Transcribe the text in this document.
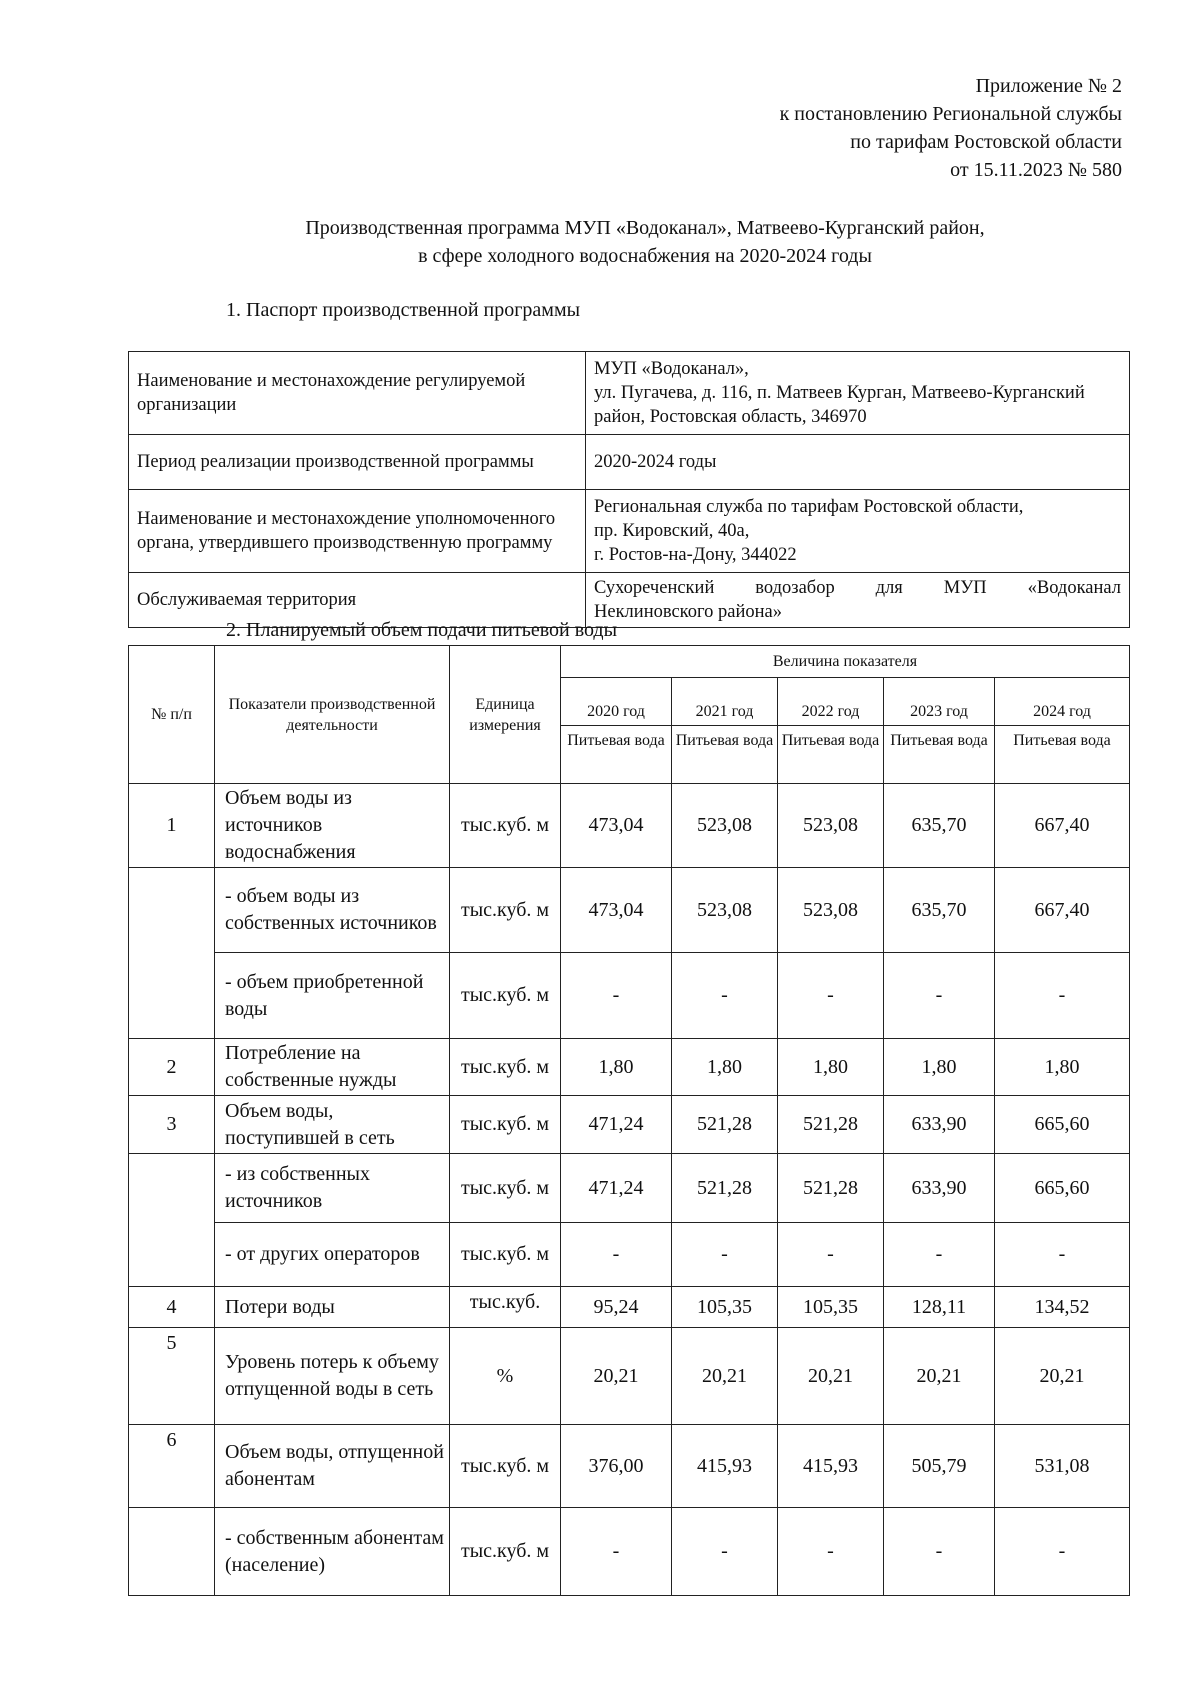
Приложение № 2
к постановлению Региональной службы
по тарифам Ростовской области
от 15.11.2023 № 580
Производственная программа МУП «Водоканал», Матвеево-Курганский район,
в сфере холодного водоснабжения на 2020-2024 годы
1. Паспорт производственной программы
Наименование и местонахождение регулируемой организации	МУП «Водоканал»,
ул. Пугачева, д. 116, п. Матвеев Курган, Матвеево-Курганский район, Ростовская область, 346970

Период реализации производственной программы	2020-2024 годы
Наименование и местонахождение уполномоченного органа, утвердившего производственную программу	Региональная служба по тарифам Ростовской области,
пр. Кировский, 40а,
г. Ростов-на-Дону, 344022

Обслуживаемая территория	Сухореченский водозабор для МУП «Водоканал
Неклиновского района»
2. Планируемый объем подачи питьевой воды
№ п/п	Показатели производственной деятельности	Единица измерения	Величина показателя				
			2020 год	2021 год	2022 год	2023 год	2024 год
			Питьевая вода	Питьевая вода	Питьевая вода	Питьевая вода	Питьевая вода
1	Объем воды из источников водоснабжения	тыс.куб. м	473,04	523,08	523,08	635,70	667,40
	- объем воды из собственных источников	тыс.куб. м	473,04	523,08	523,08	635,70	667,40
	- объем приобретенной воды	тыс.куб. м	-	-	-	-	-
2	Потребление на собственные нужды	тыс.куб. м	1,80	1,80	1,80	1,80	1,80
3	Объем воды, поступившей в сеть	тыс.куб. м	471,24	521,28	521,28	633,90	665,60
	- из собственных источников	тыс.куб. м	471,24	521,28	521,28	633,90	665,60
	- от других операторов	тыс.куб. м	-	-	-	-	-
4	Потери воды	тыс.куб.	95,24	105,35	105,35	128,11	134,52
5	Уровень потерь к объему отпущенной воды в сеть	%	20,21	20,21	20,21	20,21	20,21
6	Объем воды, отпущенной абонентам	тыс.куб. м	376,00	415,93	415,93	505,79	531,08
	- собственным абонентам (население)	тыс.куб. м	-	-	-	-	-
